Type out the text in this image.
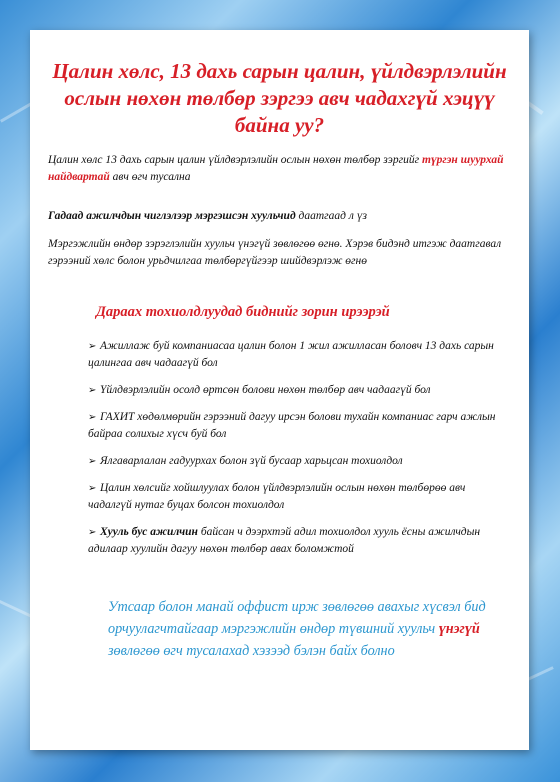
Цалин хөлс, 13 дахь сарын цалин, үйлдвэрлэлийн ослын нөхөн төлбөр зэргээ авч чадахгүй хэцүү байна уу?
Цалин хөлс 13 дахь сарын цалин үйлдвэрлэлийн ослын нөхөн төлбөр зэргийг түргэн шуурхай найдвартай авч өгч тусална
Гадаад ажилчдын чиглэлээр мэргэшсэн хуульчид даатгаад л үз
Мэргэжлийн өндөр зэрэглэлийн хуульч үнэгүй зөвлөгөө өгнө. Хэрэв бидэнд итгэж даатгавал гэрээний хөлс болон урьдчилгаа төлбөргүйгээр шийдвэрлэж өгнө
Дараах тохиолдлуудад биднийг зорин ирээрэй
➢ Ажиллаж буй компаниасаа цалин болон 1 жил ажилласан боловч 13 дахь сарын цалингаа авч чадаагүй бол
➢ Үйлдвэрлэлийн осолд өртсөн болови нөхөн төлбөр авч чадаагүй бол
➢ ГАХИТ хөдөлмөрийн гэрээний дагуу ирсэн болови тухайн компаниас гарч ажлын байраа солихыг хүсч буй бол
➢ Ялгаварлалан гадуурхах болон зүй бусаар харьцсан тохиолдол
➢ Цалин хөлсийг хойшлуулах болон үйлдвэрлэлийн ослын нөхөн төлбөрөө авч чадалгүй нутаг буцах болсон тохиолдол
➢ Хууль бус ажилчин байсан ч дээрхтэй адил тохиолдол хууль ёсны ажилчдын адилаар хуулийн дагуу нөхөн төлбөр авах боломжтой
Утсаар болон манай оффист ирж зөвлөгөө авахыг хүсвэл бид орчуулагчтайгаар мэргэжлийн өндөр түвшний хуульч үнэгүй зөвлөгөө өгч тусалахад хэзээд бэлэн байх болно
